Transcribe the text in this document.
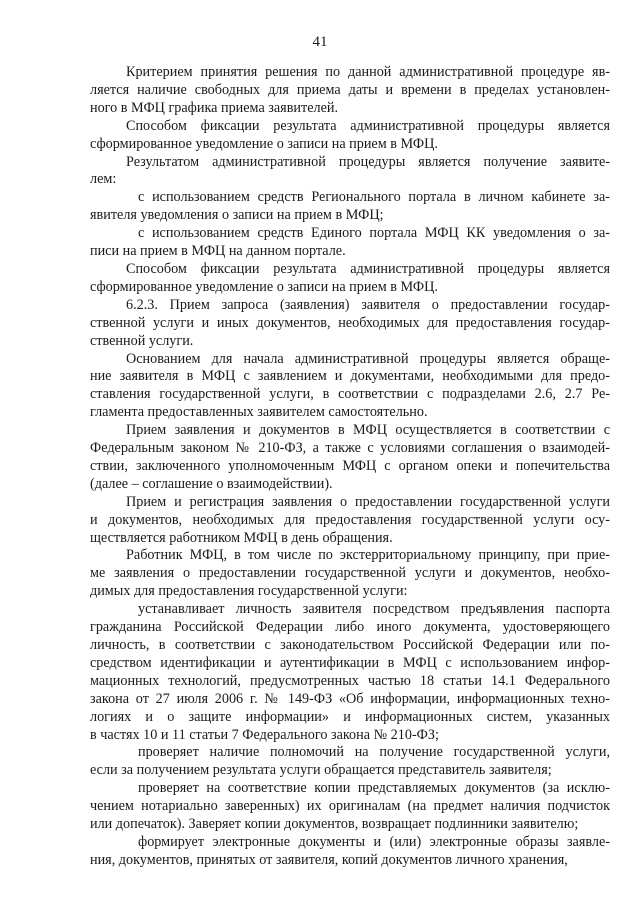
41
Критерием принятия решения по данной административной процедуре яв-
ляется наличие свободных для приема даты и времени в пределах установлен-
ного в МФЦ графика приема заявителей.
Способом фиксации результата административной процедуры является
сформированное уведомление о записи на прием в МФЦ.
Результатом административной процедуры является получение заявите-
лем:
с использованием средств Регионального портала в личном кабинете за-
явителя уведомления о записи на прием в МФЦ;
с использованием средств Единого портала МФЦ КК уведомления о за-
писи на прием в МФЦ на данном портале.
Способом фиксации результата административной процедуры является
сформированное уведомление о записи на прием в МФЦ.
6.2.3. Прием запроса (заявления) заявителя о предоставлении государ-
ственной услуги и иных документов, необходимых для предоставления государ-
ственной услуги.
Основанием для начала административной процедуры является обраще-
ние заявителя в МФЦ с заявлением и документами, необходимыми для предо-
ставления государственной услуги, в соответствии с подразделами 2.6, 2.7 Ре-
гламента предоставленных заявителем самостоятельно.
Прием заявления и документов в МФЦ осуществляется в соответствии с
Федеральным законом № 210-ФЗ, а также с условиями соглашения о взаимодей-
ствии, заключенного уполномоченным МФЦ с органом опеки и попечительства
(далее – соглашение о взаимодействии).
Прием и регистрация заявления о предоставлении государственной услуги
и документов, необходимых для предоставления государственной услуги осу-
ществляется работником МФЦ в день обращения.
Работник МФЦ, в том числе по экстерриториальному принципу, при прие-
ме заявления о предоставлении государственной услуги и документов, необхо-
димых для предоставления государственной услуги:
устанавливает личность заявителя посредством предъявления паспорта
гражданина Российской Федерации либо иного документа, удостоверяющего
личность, в соответствии с законодательством Российской Федерации или по-
средством идентификации и аутентификации в МФЦ с использованием инфор-
мационных технологий, предусмотренных частью 18 статьи 14.1 Федерального
закона от 27 июля 2006 г. № 149-ФЗ «Об информации, информационных техно-
логиях и о защите информации» и информационных систем, указанных
в частях 10 и 11 статьи 7 Федерального закона № 210-ФЗ;
проверяет наличие полномочий на получение государственной услуги,
если за получением результата услуги обращается представитель заявителя;
проверяет на соответствие копии представляемых документов (за исклю-
чением нотариально заверенных) их оригиналам (на предмет наличия подчисток
или допечаток). Заверяет копии документов, возвращает подлинники заявителю;
формирует электронные документы и (или) электронные образы заявле-
ния, документов, принятых от заявителя, копий документов личного хранения,
